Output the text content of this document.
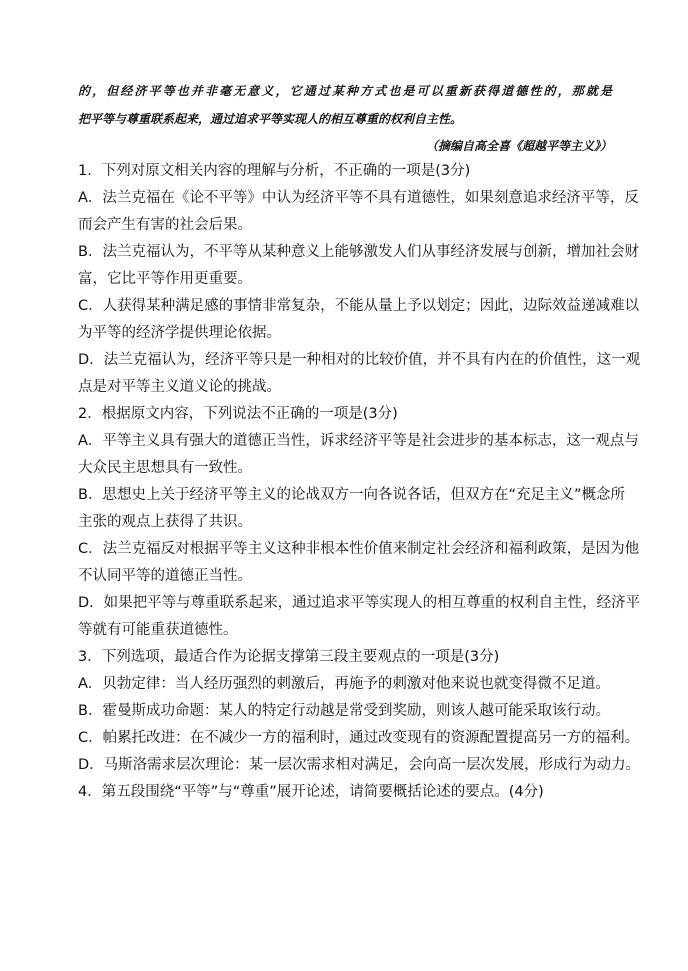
的，但经济平等也并非毫无意义，它通过某种方式也是可以重新获得道德性的，那就是
把平等与尊重联系起来，通过追求平等实现人的相互尊重的权利自主性。
（摘编自高全喜《超越平等主义》）
1．下列对原文相关内容的理解与分析，不正确的一项是(3分)
A．法兰克福在《论不平等》中认为经济平等不具有道德性，如果刻意追求经济平等，反
而会产生有害的社会后果。
B．法兰克福认为，不平等从某种意义上能够激发人们从事经济发展与创新，增加社会财
富，它比平等作用更重要。
C．人获得某种满足感的事情非常复杂，不能从量上予以划定；因此，边际效益递减难以
为平等的经济学提供理论依据。
D．法兰克福认为，经济平等只是一种相对的比较价值，并不具有内在的价值性，这一观
点是对平等主义道义论的挑战。
2．根据原文内容，下列说法不正确的一项是(3分)
A．平等主义具有强大的道德正当性，诉求经济平等是社会进步的基本标志，这一观点与
大众民主思想具有一致性。
B．思想史上关于经济平等主义的论战双方一向各说各话，但双方在“充足主义”概念所
主张的观点上获得了共识。
C．法兰克福反对根据平等主义这种非根本性价值来制定社会经济和福利政策，是因为他
不认同平等的道德正当性。
D．如果把平等与尊重联系起来，通过追求平等实现人的相互尊重的权利自主性，经济平
等就有可能重获道德性。
3．下列选项，最适合作为论据支撑第三段主要观点的一项是(3分)
A．贝勃定律：当人经历强烈的刺激后，再施予的刺激对他来说也就变得微不足道。
B．霍曼斯成功命题：某人的特定行动越是常受到奖励，则该人越可能采取该行动。
C．帕累托改进：在不减少一方的福利时，通过改变现有的资源配置提高另一方的福利。
D．马斯洛需求层次理论：某一层次需求相对满足，会向高一层次发展，形成行为动力。
4．第五段围绕“平等”与“尊重”展开论述，请简要概括论述的要点。(4分)
